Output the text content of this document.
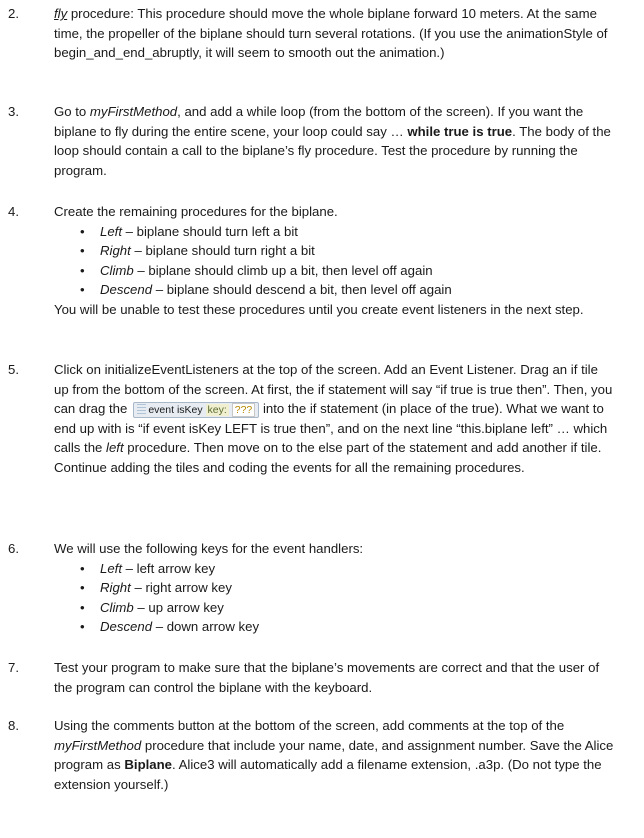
2.	fly procedure: This procedure should move the whole biplane forward 10 meters. At the same time, the propeller of the biplane should turn several rotations. (If you use the animationStyle of begin_and_end_abruptly, it will seem to smooth out the animation.)

3.	Go to myFirstMethod, and add a while loop (from the bottom of the screen). If you want the biplane to fly during the entire scene, your loop could say … while true is true. The body of the loop should contain a call to the biplane’s fly procedure. Test the procedure by running the program.

4.	Create the remaining procedures for the biplane.

• Left – biplane should turn left a bit
• Right – biplane should turn right a bit
• Climb – biplane should climb up a bit, then level off again
• Descend – biplane should descend a bit, then level off again

You will be unable to test these procedures until you create event listeners in the next step.

5.	Click on initializeEventListeners at the top of the screen. Add an Event Listener. Drag an if tile up from the bottom of the screen. At first, the if statement will say “if true is true then”. Then, you can drag the event isKey key: ??? into the if statement (in place of the true). What we want to end up with is “if event isKey LEFT is true then”, and on the next line “this.biplane left” … which calls the left procedure. Then move on to the else part of the statement and add another if tile. Continue adding the tiles and coding the events for all the remaining procedures.

6.	We will use the following keys for the event handlers:

• Left – left arrow key
• Right – right arrow key
• Climb – up arrow key
• Descend – down arrow key
7.	Test your program to make sure that the biplane’s movements are correct and that the user of the program can control the biplane with the keyboard.

8.	Using the comments button at the bottom of the screen, add comments at the top of the myFirstMethod procedure that include your name, date, and assignment number. Save the Alice program as Biplane. Alice3 will automatically add a filename extension, .a3p. (Do not type the extension yourself.)
